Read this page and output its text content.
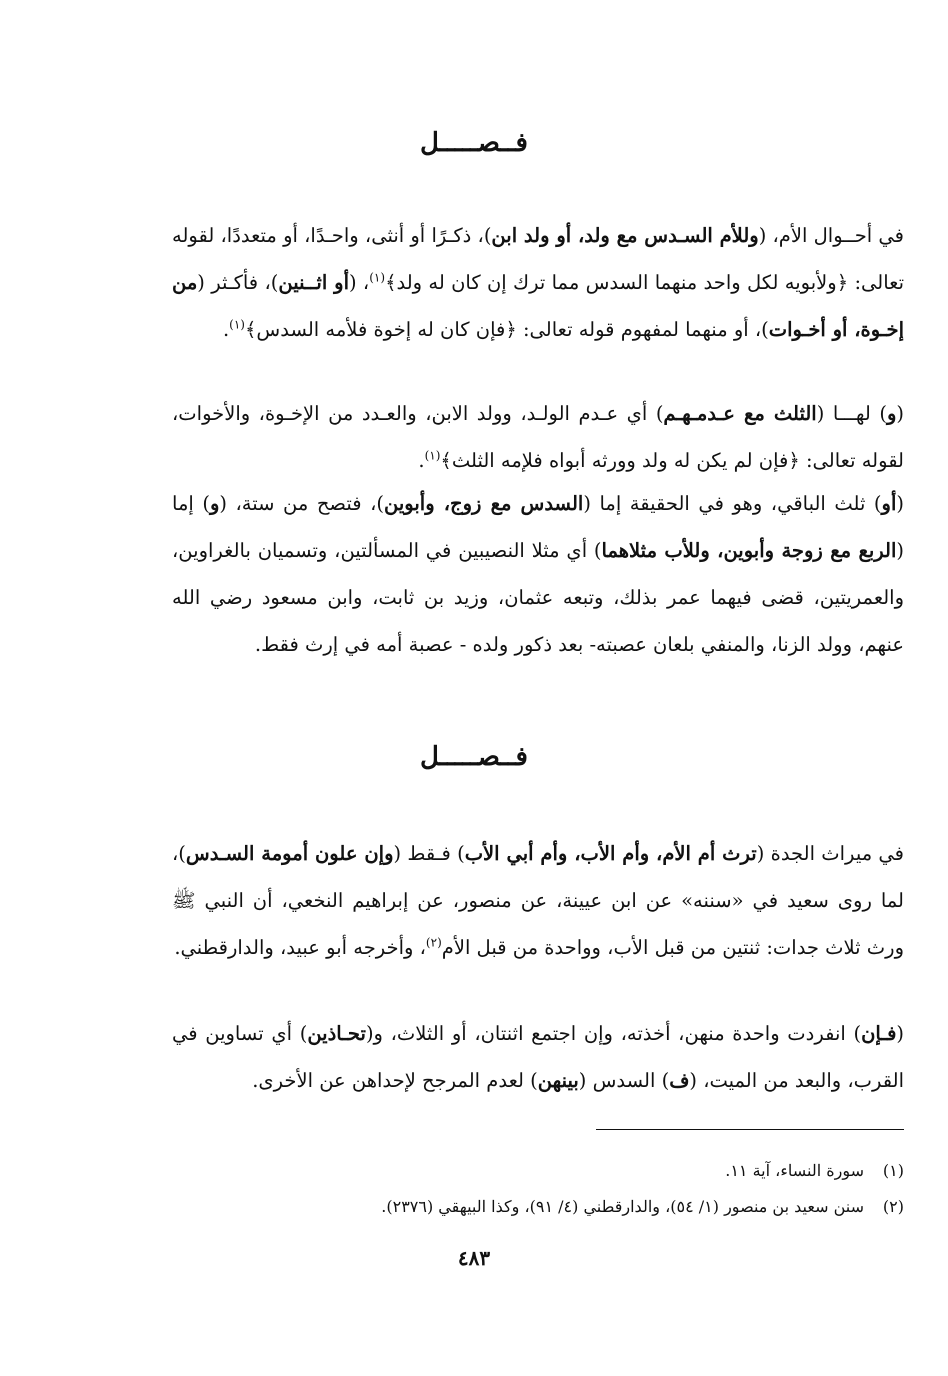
فــصـــــل

في أحــوال الأم، (وللأم السـدس مع ولد، أو ولد ابن)، ذكـرًا أو أنثى، واحـدًا، أو متعددًا، لقوله تعالى: ﴿ولأبويه لكل واحد منهما السدس مما ترك إن كان له ولد﴾$^{(١)}$، (أو اثــنين)، فأكـثر (من إخـوة، أو أخـوات)، أو منهما لمفهوم قوله تعالى: ﴿فإن كان له إخوة فلأمه السدس﴾$^{(١)}$.

(و) لهـــا (الثلث مع عـدمـهـم) أي عـدم الولـد، وولد الابن، والعـدد من الإخـوة، والأخوات، لقوله تعالى: ﴿فإن لم يكن له ولد وورثه أبواه فلإمه الثلث﴾$^{(١)}$.

(أو) ثلث الباقي، وهو في الحقيقة إما (السدس مع زوج، وأبوين)، فتصح من ستة، (و) إما (الربع مع زوجة وأبوين، وللأب مثلاهما) أي مثلا النصيبين في المسألتين، وتسميان بالغراوين، والعمريتين، قضى فيهما عمر بذلك، وتبعه عثمان، وزيد بن ثابت، وابن مسعود رضي الله عنهم، وولد الزنا، والمنفي بلعان عصبته- بعد ذكور ولده - عصبة أمه في إرث فقط.

فــصـــــل

في ميراث الجدة (ترث أم الأم، وأم الأب، وأم أبي الأب) فـقط (وإن علون أمومة السـدس)، لما روى سعيد في «سننه» عن ابن عيينة، عن منصور، عن إبراهيم النخعي، أن النبي ﷺ ورث ثلاث جدات: ثنتين من قبل الأب، وواحدة من قبل الأم$^{(٢)}$، وأخرجه أبو عبيد، والدارقطني.

(فـإن) انفردت واحدة منهن، أخذته، وإن اجتمع اثنتان، أو الثلاث، و(تحـاذين) أي تساوين في القرب، والبعد من الميت، (ف) السدس (بينهن) لعدم المرجح لإحداهن عن الأخرى.

(١)سورة النساء، آية ١١.

(٢)سنن سعيد بن منصور (١/ ٥٤)، والدارقطني (٤/ ٩١)، وكذا البيهقي (٢٣٧٦).

٤٨٣
